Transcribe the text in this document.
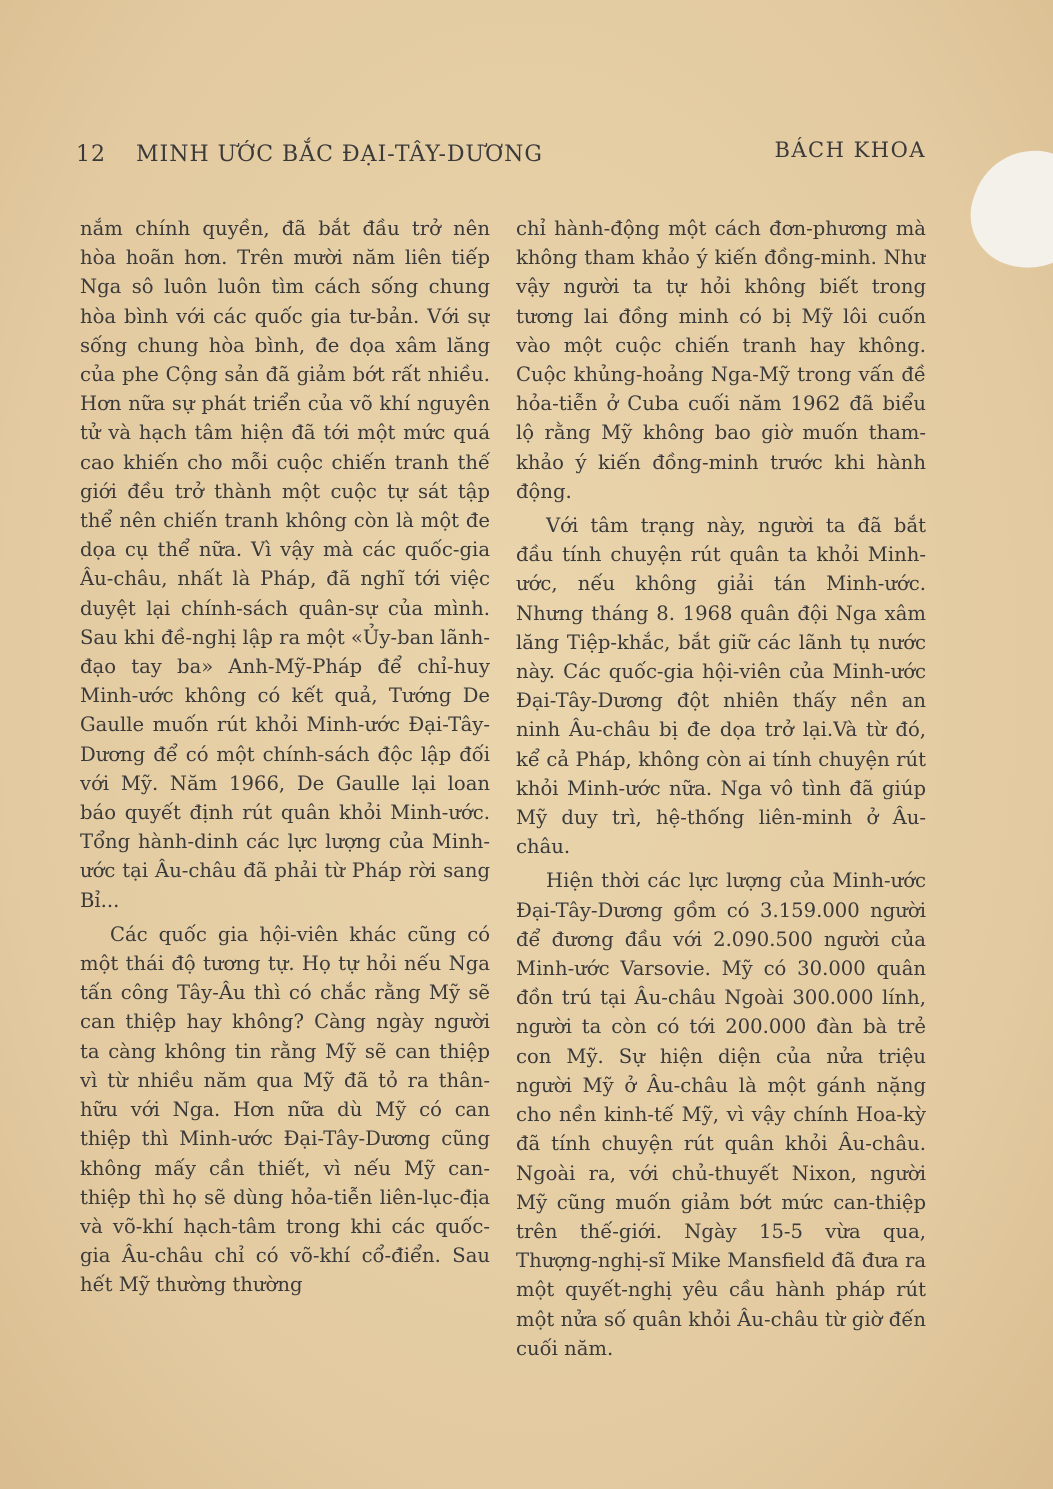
12 MINH ƯỚC BẮC ĐẠI-TÂY-DƯƠNG	BÁCH KHOA

nắm chính quyền, đã bắt đầu trở nên hòa hoãn hơn. Trên mười năm liên tiếp Nga sô luôn luôn tìm cách sống chung hòa bình với các quốc gia tư-bản. Với sự sống chung hòa bình, đe dọa xâm lăng của phe Cộng sản đã giảm bớt rất nhiều. Hơn nữa sự phát triển của võ khí nguyên tử và hạch tâm hiện đã tới một mức quá cao khiến cho mỗi cuộc chiến tranh thế giới đều trở thành một cuộc tự sát tập thể nên chiến tranh không còn là một đe dọa cụ thể nữa. Vì vậy mà các quốc-gia Âu-châu, nhất là Pháp, đã nghĩ tới việc duyệt lại chính-sách quân-sự của mình. Sau khi đề-nghị lập ra một «Ủy-ban lãnh-đạo tay ba» Anh-Mỹ-Pháp để chỉ-huy Minh-ước không có kết quả, Tướng De Gaulle muốn rút khỏi Minh-ước Đại-Tây-Dương để có một chính-sách độc lập đối với Mỹ. Năm 1966, De Gaulle lại loan báo quyết định rút quân khỏi Minh-ước. Tổng hành-dinh các lực lượng của Minh-ước tại Âu-châu đã phải từ Pháp rời sang Bỉ...

Các quốc gia hội-viên khác cũng có một thái độ tương tự. Họ tự hỏi nếu Nga tấn công Tây-Âu thì có chắc rằng Mỹ sẽ can thiệp hay không? Càng ngày người ta càng không tin rằng Mỹ sẽ can thiệp vì từ nhiều năm qua Mỹ đã tỏ ra thân-hữu với Nga. Hơn nữa dù Mỹ có can thiệp thì Minh-ước Đại-Tây-Dương cũng không mấy cần thiết, vì nếu Mỹ can-thiệp thì họ sẽ dùng hỏa-tiễn liên-lục-địa và võ-khí hạch-tâm trong khi các quốc-gia Âu-châu chỉ có võ-khí cổ-điển. Sau hết Mỹ thường thường

chỉ hành-động một cách đơn-phương mà không tham khảo ý kiến đồng-minh. Như vậy người ta tự hỏi không biết trong tương lai đồng minh có bị Mỹ lôi cuốn vào một cuộc chiến tranh hay không. Cuộc khủng-hoảng Nga-Mỹ trong vấn đề hỏa-tiễn ở Cuba cuối năm 1962 đã biểu lộ rằng Mỹ không bao giờ muốn tham-khảo ý kiến đồng-minh trước khi hành động.

Với tâm trạng này, người ta đã bắt đầu tính chuyện rút quân ta khỏi Minh-ước, nếu không giải tán Minh-ước. Nhưng tháng 8. 1968 quân đội Nga xâm lăng Tiệp-khắc, bắt giữ các lãnh tụ nước này. Các quốc-gia hội-viên của Minh-ước Đại-Tây-Dương đột nhiên thấy nền an ninh Âu-châu bị đe dọa trở lại.Và từ đó, kể cả Pháp, không còn ai tính chuyện rút khỏi Minh-ước nữa. Nga vô tình đã giúp Mỹ duy trì, hệ-thống liên-minh ở Âu-châu.

Hiện thời các lực lượng của Minh-ước Đại-Tây-Dương gồm có 3.159.000 người để đương đầu với 2.090.500 người của Minh-ước Varsovie. Mỹ có 30.000 quân đồn trú tại Âu-châu Ngoài 300.000 lính, người ta còn có tới 200.000 đàn bà trẻ con Mỹ. Sự hiện diện của nửa triệu người Mỹ ở Âu-châu là một gánh nặng cho nền kinh-tế Mỹ, vì vậy chính Hoa-kỳ đã tính chuyện rút quân khỏi Âu-châu. Ngoài ra, với chủ-thuyết Nixon, người Mỹ cũng muốn giảm bớt mức can-thiệp trên thế-giới. Ngày 15-5 vừa qua, Thượng-nghị-sĩ Mike Mansfield đã đưa ra một quyết-nghị yêu cầu hành pháp rút một nửa số quân khỏi Âu-châu từ giờ đến cuối năm.
